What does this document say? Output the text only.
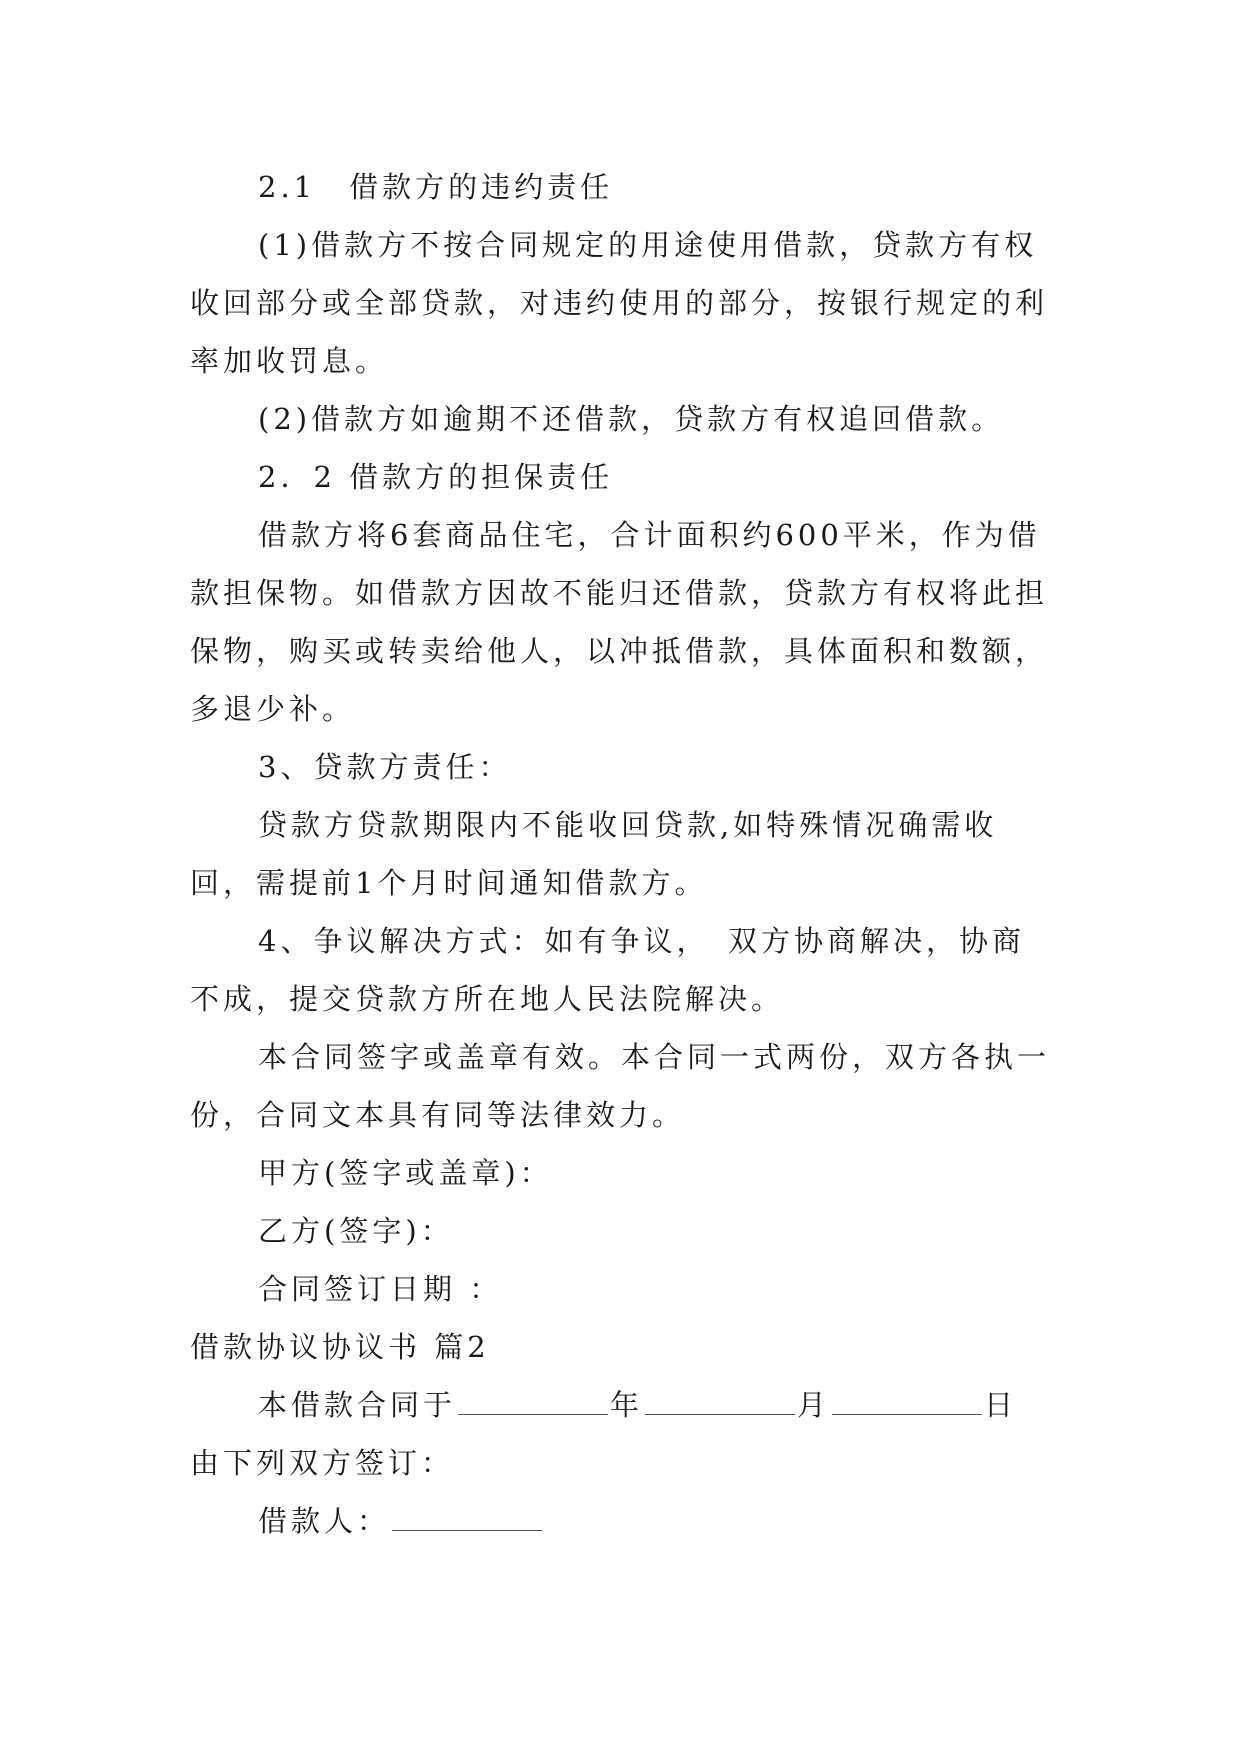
2.1　借款方的违约责任

(1)借款方不按合同规定的用途使用借款，贷款方有权收回部分或全部贷款，对违约使用的部分，按银行规定的利率加收罚息。

(2)借款方如逾期不还借款，贷款方有权追回借款。

2．2 借款方的担保责任

借款方将6套商品住宅，合计面积约600平米，作为借款担保物。如借款方因故不能归还借款，贷款方有权将此担保物，购买或转卖给他人，以冲抵借款，具体面积和数额，多退少补。

3、贷款方责任：

贷款方贷款期限内不能收回贷款,如特殊情况确需收回，需提前1个月时间通知借款方。

4、争议解决方式：如有争议，　双方协商解决，协商不成，提交贷款方所在地人民法院解决。

本合同签字或盖章有效。本合同一式两份，双方各执一份，合同文本具有同等法律效力。

甲方(签字或盖章)：

乙方(签字)：

合同签订日期 ：

借款协议协议书 篇2

本借款合同于	年	月	日由下列双方签订：

借款人：
